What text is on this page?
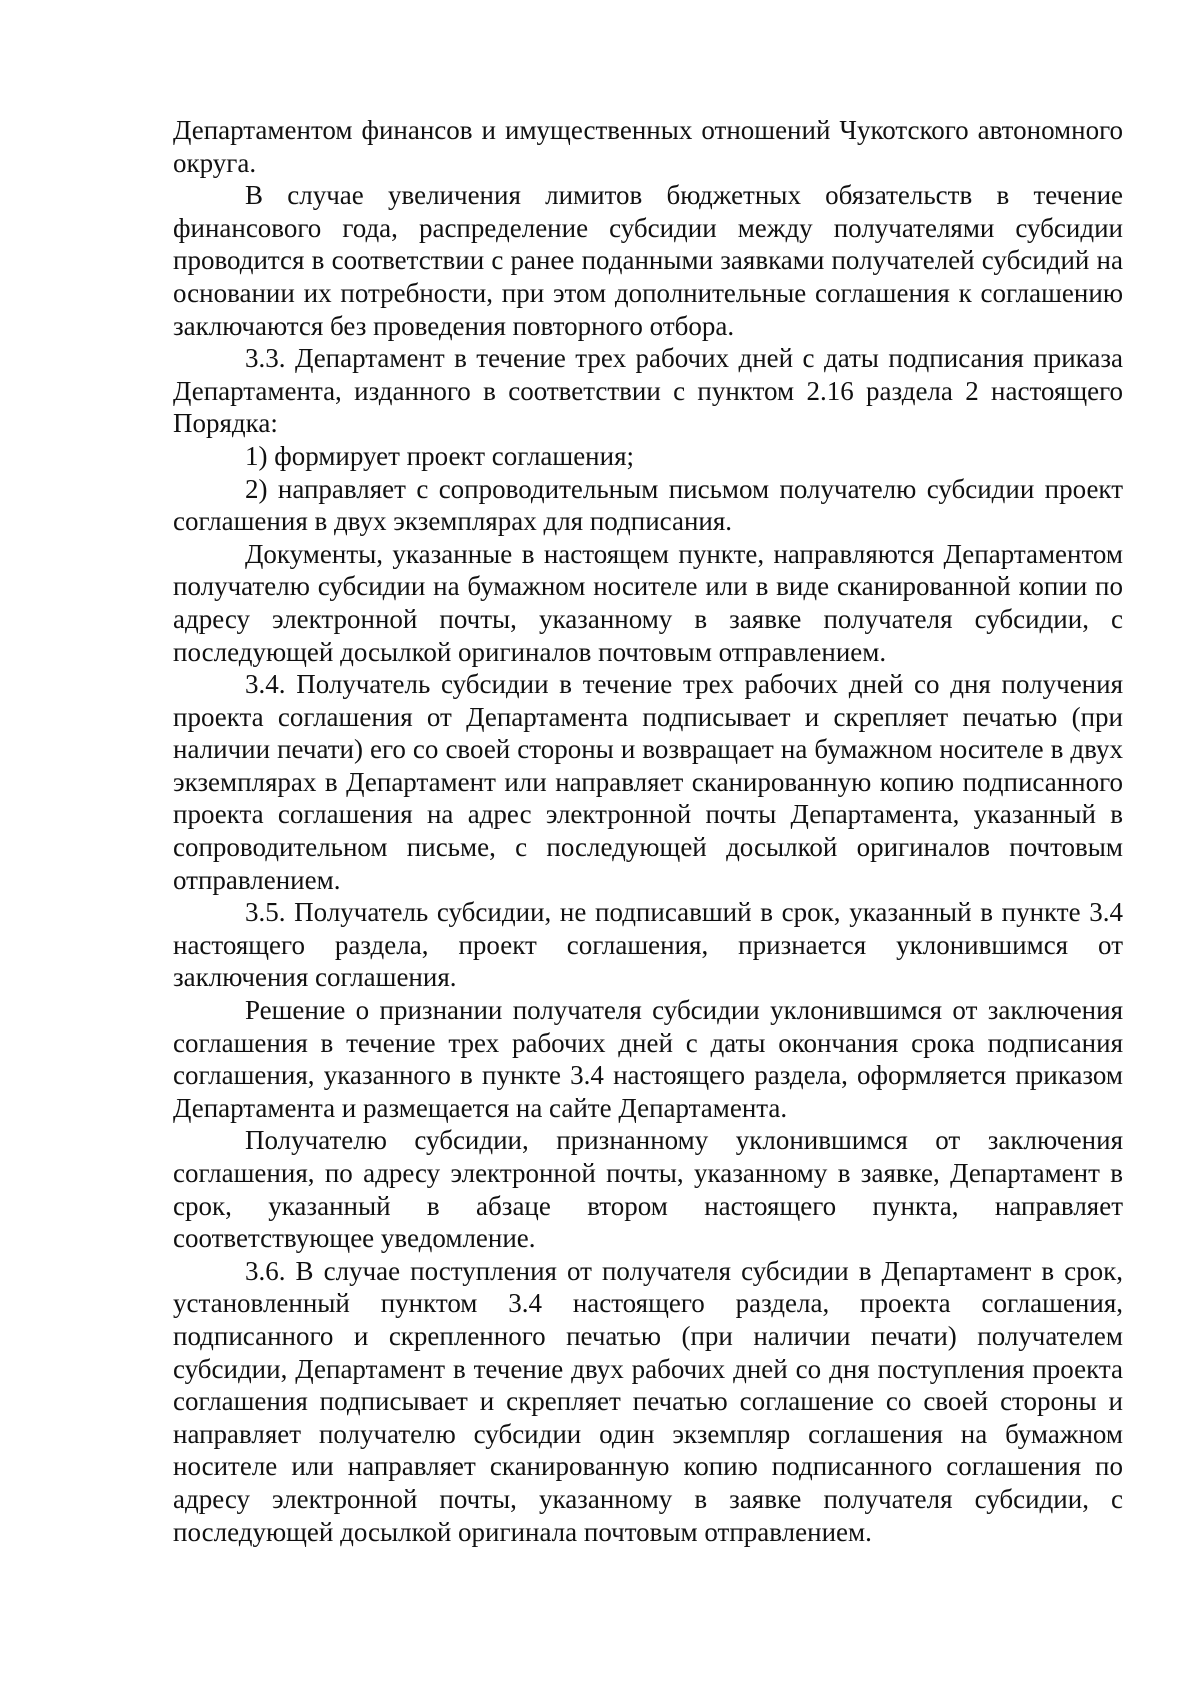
Департаментом финансов и имущественных отношений Чукотского автономного округа.

В случае увеличения лимитов бюджетных обязательств в течение финансового года, распределение субсидии между получателями субсидии проводится в соответствии с ранее поданными заявками получателей субсидий на основании их потребности, при этом дополнительные соглашения к соглашению заключаются без проведения повторного отбора.

3.3. Департамент в течение трех рабочих дней с даты подписания приказа Департамента, изданного в соответствии с пунктом 2.16 раздела 2 настоящего Порядка:

1) формирует проект соглашения;

2) направляет с сопроводительным письмом получателю субсидии проект соглашения в двух экземплярах для подписания.

Документы, указанные в настоящем пункте, направляются Департаментом получателю субсидии на бумажном носителе или в виде сканированной копии по адресу электронной почты, указанному в заявке получателя субсидии, с последующей досылкой оригиналов почтовым отправлением.

3.4. Получатель субсидии в течение трех рабочих дней со дня получения проекта соглашения от Департамента подписывает и скрепляет печатью (при наличии печати) его со своей стороны и возвращает на бумажном носителе в двух экземплярах в Департамент или направляет сканированную копию подписанного проекта соглашения на адрес электронной почты Департамента, указанный в сопроводительном письме, с последующей досылкой оригиналов почтовым отправлением.

3.5. Получатель субсидии, не подписавший в срок, указанный в пункте 3.4 настоящего раздела, проект соглашения, признается уклонившимся от заключения соглашения.

Решение о признании получателя субсидии уклонившимся от заключения соглашения в течение трех рабочих дней с даты окончания срока подписания соглашения, указанного в пункте 3.4 настоящего раздела, оформляется приказом Департамента и размещается на сайте Департамента.

Получателю субсидии, признанному уклонившимся от заключения соглашения, по адресу электронной почты, указанному в заявке, Департамент в срок, указанный в абзаце втором настоящего пункта, направляет соответствующее уведомление.

3.6. В случае поступления от получателя субсидии в Департамент в срок, установленный пунктом 3.4 настоящего раздела, проекта соглашения, подписанного и скрепленного печатью (при наличии печати) получателем субсидии, Департамент в течение двух рабочих дней со дня поступления проекта соглашения подписывает и скрепляет печатью соглашение со своей стороны и направляет получателю субсидии один экземпляр соглашения на бумажном носителе или направляет сканированную копию подписанного соглашения по адресу электронной почты, указанному в заявке получателя субсидии, с последующей досылкой оригинала почтовым отправлением.
